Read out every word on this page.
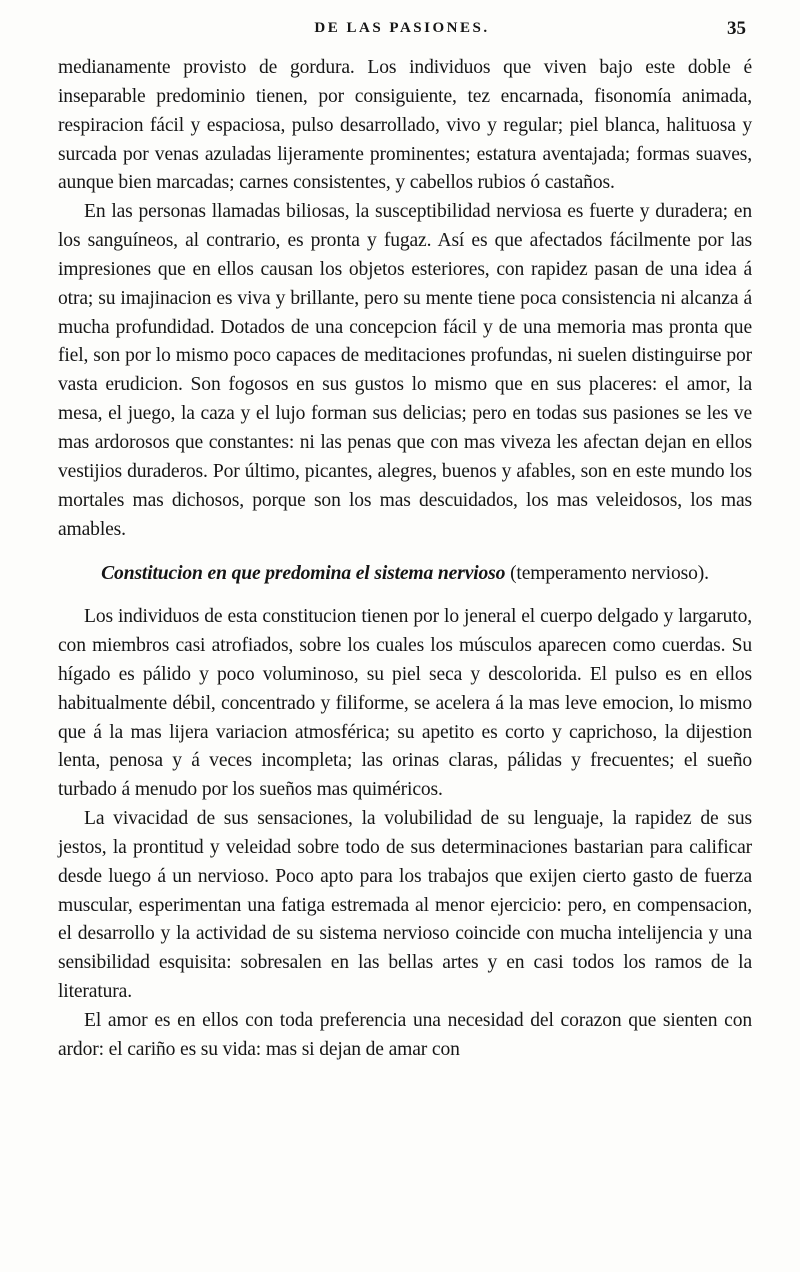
DE LAS PASIONES.	35

medianamente provisto de gordura. Los individuos que viven bajo este doble é inseparable predominio tienen, por consiguiente, tez encarnada, fisonomía animada, respiracion fácil y espaciosa, pulso desarrollado, vivo y regular; piel blanca, halituosa y surcada por venas azuladas lijeramente prominentes; estatura aventajada; formas suaves, aunque bien marcadas; carnes consistentes, y cabellos rubios ó castaños.

En las personas llamadas biliosas, la susceptibilidad nerviosa es fuerte y duradera; en los sanguíneos, al contrario, es pronta y fugaz. Así es que afectados fácilmente por las impresiones que en ellos causan los objetos esteriores, con rapidez pasan de una idea á otra; su imajinacion es viva y brillante, pero su mente tiene poca consistencia ni alcanza á mucha profundidad. Dotados de una concepcion fácil y de una memoria mas pronta que fiel, son por lo mismo poco capaces de meditaciones profundas, ni suelen distinguirse por vasta erudicion. Son fogosos en sus gustos lo mismo que en sus placeres: el amor, la mesa, el juego, la caza y el lujo forman sus delicias; pero en todas sus pasiones se les ve mas ardorosos que constantes: ni las penas que con mas viveza les afectan dejan en ellos vestijios duraderos. Por último, picantes, alegres, buenos y afables, son en este mundo los mortales mas dichosos, porque son los mas descuidados, los mas veleidosos, los mas amables.

Constitucion en que predomina el sistema nervioso (temperamento nervioso).

Los individuos de esta constitucion tienen por lo jeneral el cuerpo delgado y largaruto, con miembros casi atrofiados, sobre los cuales los músculos aparecen como cuerdas. Su hígado es pálido y poco voluminoso, su piel seca y descolorida. El pulso es en ellos habitualmente débil, concentrado y filiforme, se acelera á la mas leve emocion, lo mismo que á la mas lijera variacion atmosférica; su apetito es corto y caprichoso, la dijestion lenta, penosa y á veces incompleta; las orinas claras, pálidas y frecuentes; el sueño turbado á menudo por los sueños mas quiméricos.

La vivacidad de sus sensaciones, la volubilidad de su lenguaje, la rapidez de sus jestos, la prontitud y veleidad sobre todo de sus determinaciones bastarian para calificar desde luego á un nervioso. Poco apto para los trabajos que exijen cierto gasto de fuerza muscular, esperimentan una fatiga estremada al menor ejercicio: pero, en compensacion, el desarrollo y la actividad de su sistema nervioso coincide con mucha intelijencia y una sensibilidad esquisita: sobresalen en las bellas artes y en casi todos los ramos de la literatura.

El amor es en ellos con toda preferencia una necesidad del corazon que sienten con ardor: el cariño es su vida: mas si dejan de amar con
